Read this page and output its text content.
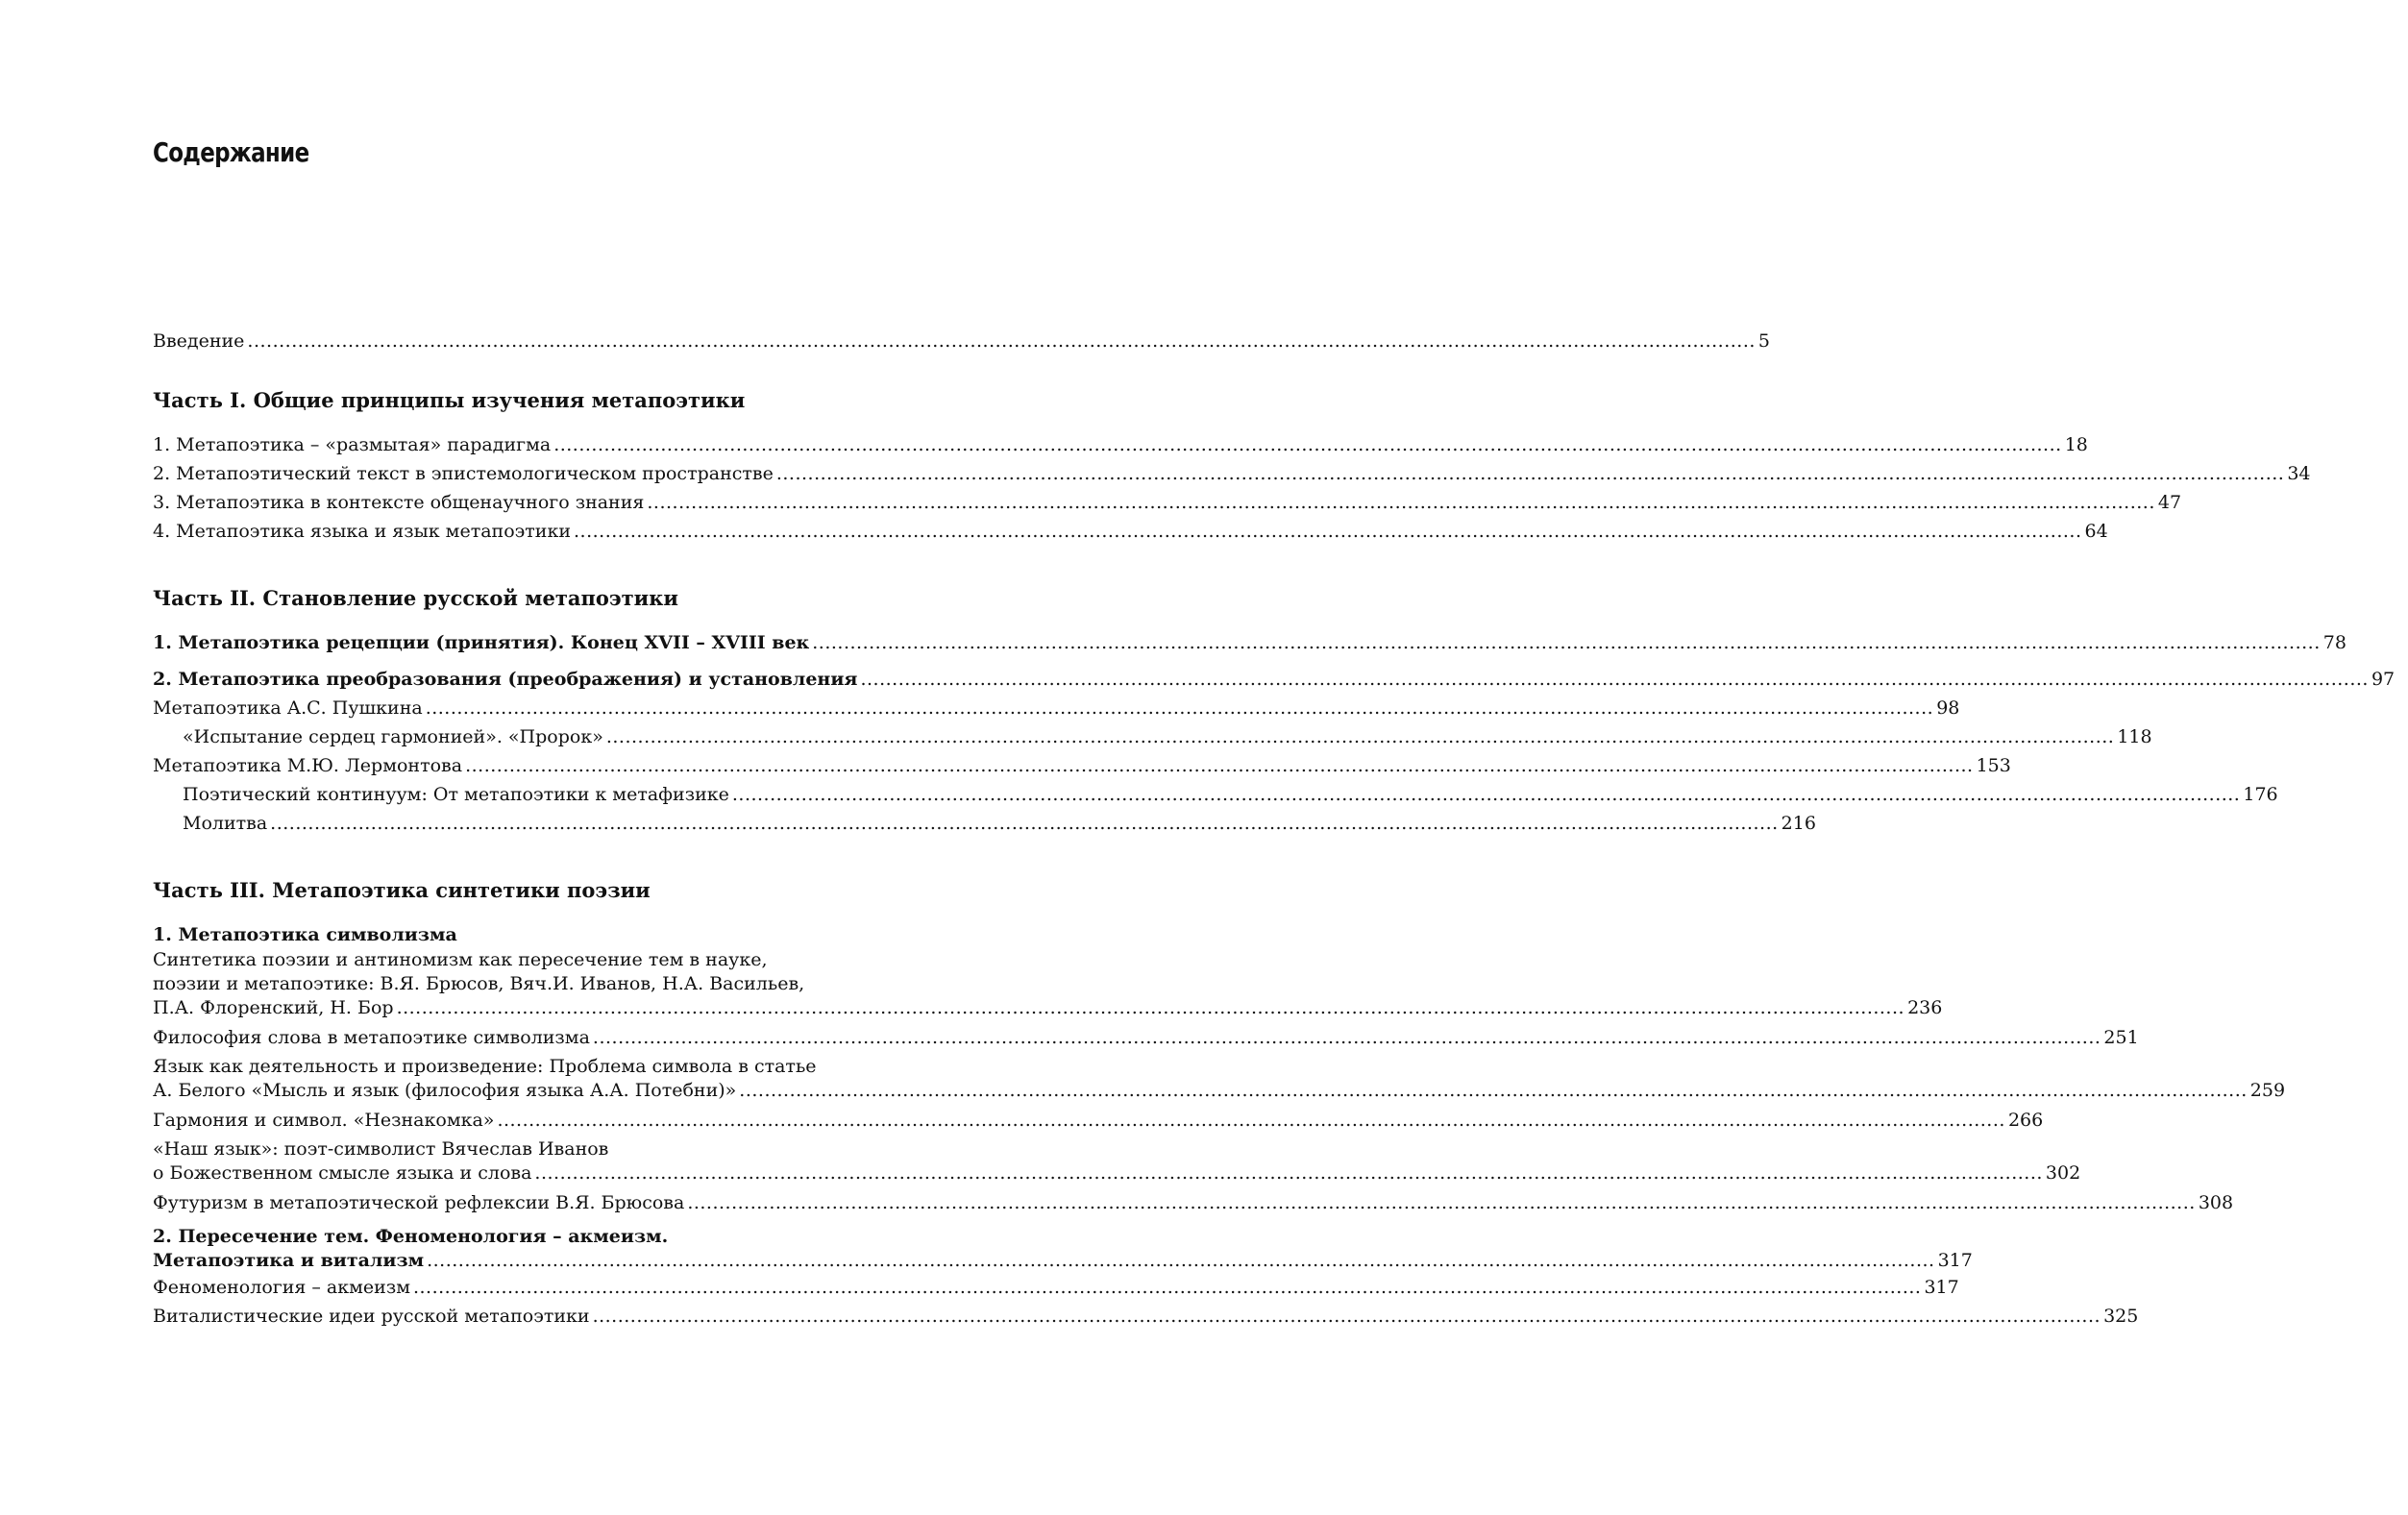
Содержание
Введение .....	5
Часть I. Общие принципы изучения метапоэтики
1. Метапоэтика – «размытая» парадигма .....	18
2. Метапоэтический текст в эпистемологическом пространстве .....	34
3. Метапоэтика в контексте общенаучного знания .....	47
4. Метапоэтика языка и язык метапоэтики .....	64
Часть II. Становление русской метапоэтики
1. Метапоэтика рецепции (принятия). Конец XVII – XVIII век .....	78
2. Метапоэтика преобразования (преображения) и установления .....	97
Метапоэтика А.С. Пушкина .....	98
«Испытание сердец гармонией». «Пророк» .....	118
Метапоэтика М.Ю. Лермонтова .....	153
Поэтический континуум: От метапоэтики к метафизике .....	176
Молитва .....	216
Часть III. Метапоэтика синтетики поэзии
1. Метапоэтика символизма
Синтетика поэзии и антиномизм как пересечение тем в науке,
поэзии и метапоэтике: В.Я. Брюсов, Вяч.И. Иванов, Н.А. Васильев,
П.А. Флоренский, Н. Бор .....	236
Философия слова в метапоэтике символизма .....	251
Язык как деятельность и произведение: Проблема символа в статье
А. Белого «Мысль и язык (философия языка А.А. Потебни)» .....	259
Гармония и символ. «Незнакомка» .....	266
«Наш язык»: поэт-символист Вячеслав Иванов
о Божественном смысле языка и слова .....	302
Футуризм в метапоэтической рефлексии В.Я. Брюсова .....	308
2. Пересечение тем. Феноменология – акмеизм.
Метапоэтика и витализм .....	317
Феноменология – акмеизм .....	317
Виталистические идеи русской метапоэтики .....	325
